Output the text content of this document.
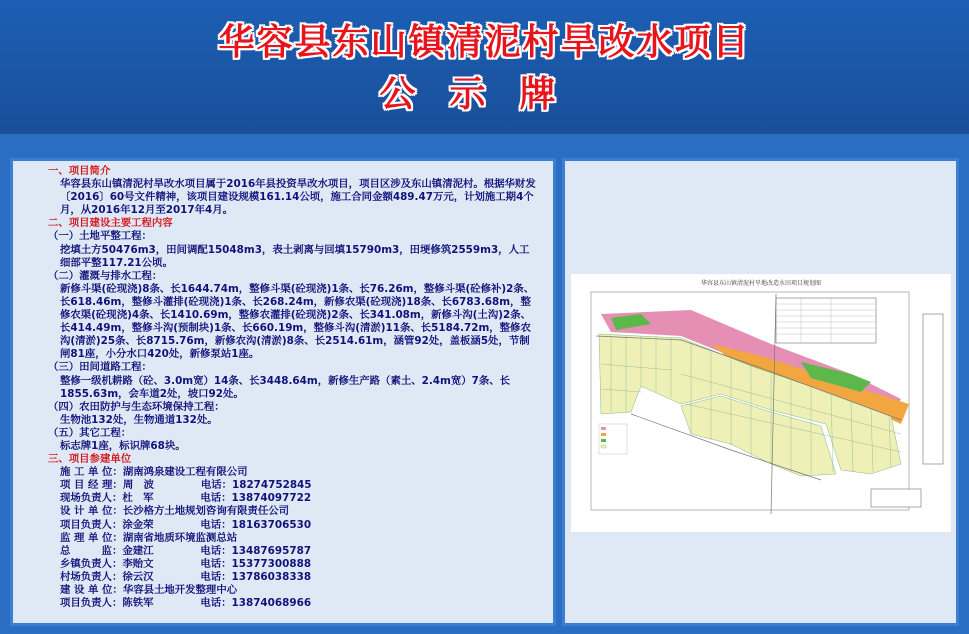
华容县东山镇清泥村旱改水项目
公示牌

一、项目简介

华容县东山镇清泥村旱改水项目属于2016年县投资旱改水项目，项目区涉及东山镇清泥村。根据华财发〔2016〕60号文件精神，该项目建设规模161.14公顷，施工合同金额489.47万元，计划施工期4个月，从2016年12月至2017年4月。

二、项目建设主要工程内容

（一）土地平整工程：

挖填土方50476m3，田间调配15048m3，表土剥离与回填15790m3，田埂修筑2559m3，人工细部平整117.21公顷。

（二）灌溉与排水工程：

新修斗渠(砼现浇)8条、长1644.74m，整修斗渠(砼现浇)1条、长76.26m，整修斗渠(砼修补)2条、长618.46m，整修斗灌排(砼现浇)1条、长268.24m，新修农渠(砼现浇)18条、长6783.68m，整修农渠(砼现浇)4条、长1410.69m，整修农灌排(砼现浇)2条、长341.08m，新修斗沟(土沟)2条、长414.49m，整修斗沟(预制块)1条、长660.19m，整修斗沟(清淤)11条、长5184.72m，整修农沟(清淤)25条、长8715.76m，新修农沟(清淤)8条、长2514.61m，涵管92处，盖板涵5处，节制闸81座，小分水口420处，新修泵站1座。

（三）田间道路工程：

整修一级机耕路（砼、3.0m宽）14条、长3448.64m，新修生产路（素土、2.4m宽）7条、长1855.63m，会车道2处，坡口92处。

（四）农田防护与生态环境保持工程：

生物池132处，生物通道132处。

（五）其它工程：

标志牌1座，标识牌68块。

三、项目参建单位

施 工 单 位：湖南鸿泉建设工程有限公司
项 目 经 理：周　波	电话：18274752845
现场负责人：杜　军	电话：13874097722
设 计 单 位：长沙格方土地规划咨询有限责任公司
项目负责人：涂金荣	电话：18163706530
监 理 单 位：湖南省地质环境监测总站
总　　　监：金建江	电话：13487695787
乡镇负责人：李贻文	电话：15377300888
村场负责人：徐云汉	电话：13786038338
建 设 单 位：华容县土地开发整理中心
项目负责人：陈铁军	电话：13874068966
华容县东山镇清泥村旱地改造水田项目规划图
